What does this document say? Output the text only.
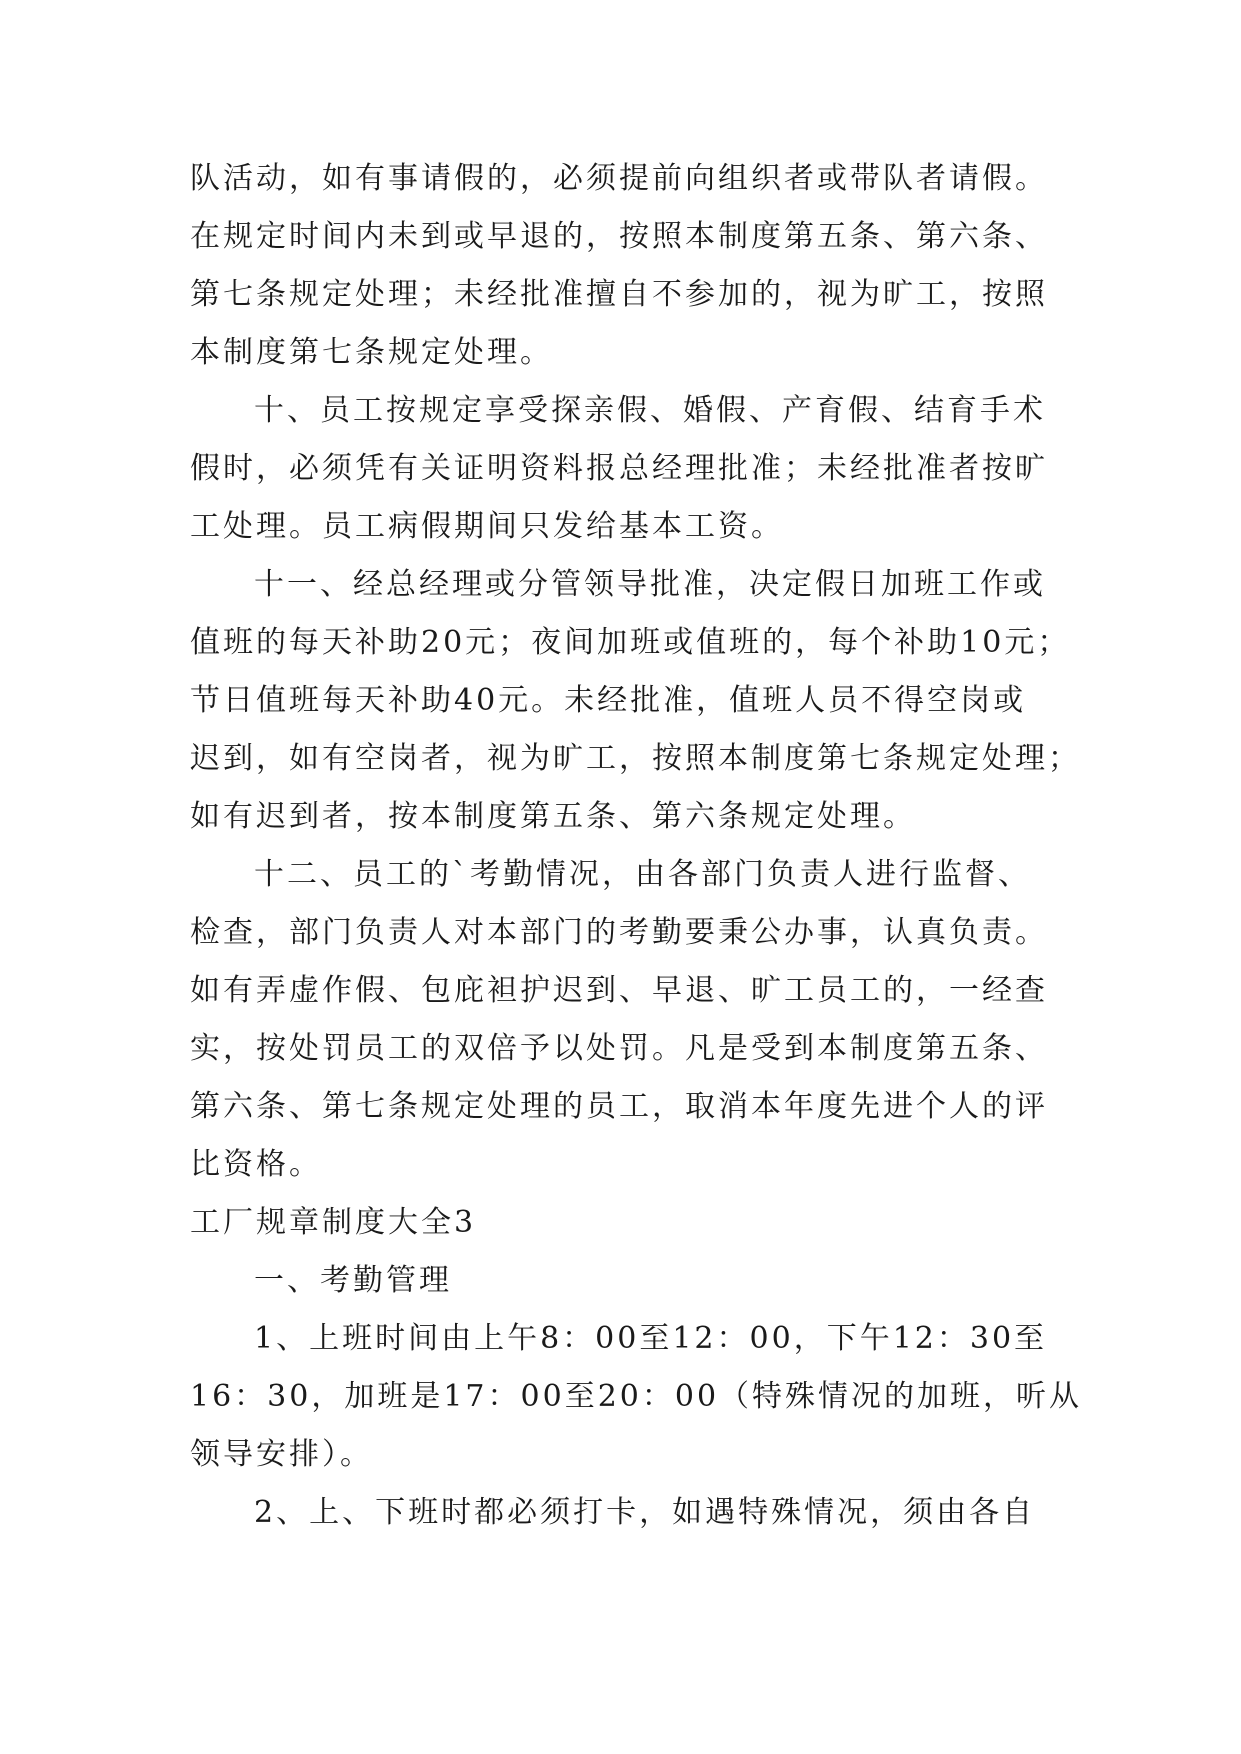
队活动，如有事请假的，必须提前向组织者或带队者请假。
在规定时间内未到或早退的，按照本制度第五条、第六条、
第七条规定处理；未经批准擅自不参加的，视为旷工，按照
本制度第七条规定处理。
十、员工按规定享受探亲假、婚假、产育假、结育手术
假时，必须凭有关证明资料报总经理批准；未经批准者按旷
工处理。员工病假期间只发给基本工资。
十一、经总经理或分管领导批准，决定假日加班工作或
值班的每天补助20元；夜间加班或值班的，每个补助10元；
节日值班每天补助40元。未经批准，值班人员不得空岗或
迟到，如有空岗者，视为旷工，按照本制度第七条规定处理；
如有迟到者，按本制度第五条、第六条规定处理。
十二、员工的`考勤情况，由各部门负责人进行监督、
检查，部门负责人对本部门的考勤要秉公办事，认真负责。
如有弄虚作假、包庇袒护迟到、早退、旷工员工的，一经查
实，按处罚员工的双倍予以处罚。凡是受到本制度第五条、
第六条、第七条规定处理的员工，取消本年度先进个人的评
比资格。
工厂规章制度大全3
一、考勤管理
1、上班时间由上午8：00至12：00，下午12：30至
16：30，加班是17：00至20：00（特殊情况的加班，听从
领导安排）。
2、上、下班时都必须打卡，如遇特殊情况，须由各自
